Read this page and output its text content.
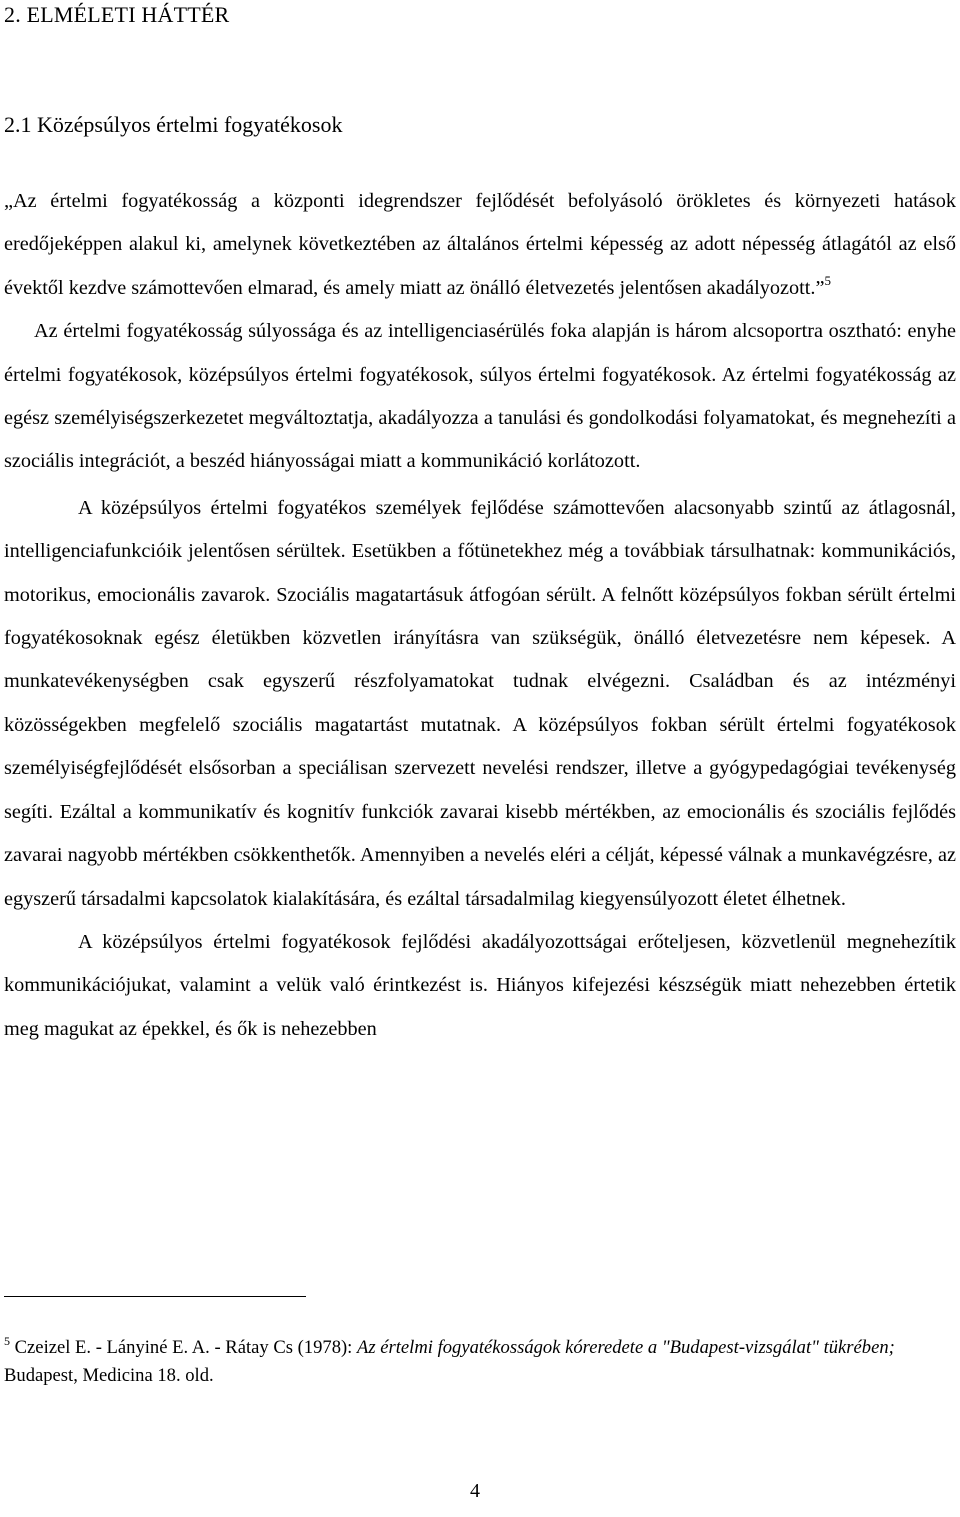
2. ELMÉLETI HÁTTÉR
2.1 Középsúlyos értelmi fogyatékosok

„Az értelmi fogyatékosság a központi idegrendszer fejlődését befolyásoló örökletes és környezeti hatások eredőjeképpen alakul ki, amelynek következtében az általános értelmi képesség az adott népesség átlagától az első évektől kezdve számottevően elmarad, és amely miatt az önálló életvezetés jelentősen akadályozott.”$^5$

Az értelmi fogyatékosság súlyossága és az intelligenciasérülés foka alapján is három alcsoportra osztható: enyhe értelmi fogyatékosok, középsúlyos értelmi fogyatékosok, súlyos értelmi fogyatékosok. Az értelmi fogyatékosság az egész személyiségszerkezetet megváltoztatja, akadályozza a tanulási és gondolkodási folyamatokat, és megnehezíti a szociális integrációt, a beszéd hiányosságai miatt a kommunikáció korlátozott.

A középsúlyos értelmi fogyatékos személyek fejlődése számottevően alacsonyabb szintű az átlagosnál, intelligenciafunkcióik jelentősen sérültek. Esetükben a főtünetekhez még a továbbiak társulhatnak: kommunikációs, motorikus, emocionális zavarok. Szociális magatartásuk átfogóan sérült. A felnőtt középsúlyos fokban sérült értelmi fogyatékosoknak egész életükben közvetlen irányításra van szükségük, önálló életvezetésre nem képesek. A munkatevékenységben csak egyszerű részfolyamatokat tudnak elvégezni. Családban és az intézményi közösségekben megfelelő szociális magatartást mutatnak. A középsúlyos fokban sérült értelmi fogyatékosok személyiségfejlődését elsősorban a speciálisan szervezett nevelési rendszer, illetve a gyógypedagógiai tevékenység segíti. Ezáltal a kommunikatív és kognitív funkciók zavarai kisebb mértékben, az emocionális és szociális fejlődés zavarai nagyobb mértékben csökkenthetők. Amennyiben a nevelés eléri a célját, képessé válnak a munkavégzésre, az egyszerű társadalmi kapcsolatok kialakítására, és ezáltal társadalmilag kiegyensúlyozott életet élhetnek.

A középsúlyos értelmi fogyatékosok fejlődési akadályozottságai erőteljesen, közvetlenül megnehezítik kommunikációjukat, valamint a velük való érintkezést is. Hiányos kifejezési készségük miatt nehezebben értetik meg magukat az épekkel, és ők is nehezebben

$^5$ Czeizel E. - Lányiné E. A. - Rátay Cs (1978): Az értelmi fogyatékosságok kóreredete a "Budapest-vizsgálat" tükrében; Budapest, Medicina 18. old.
4
